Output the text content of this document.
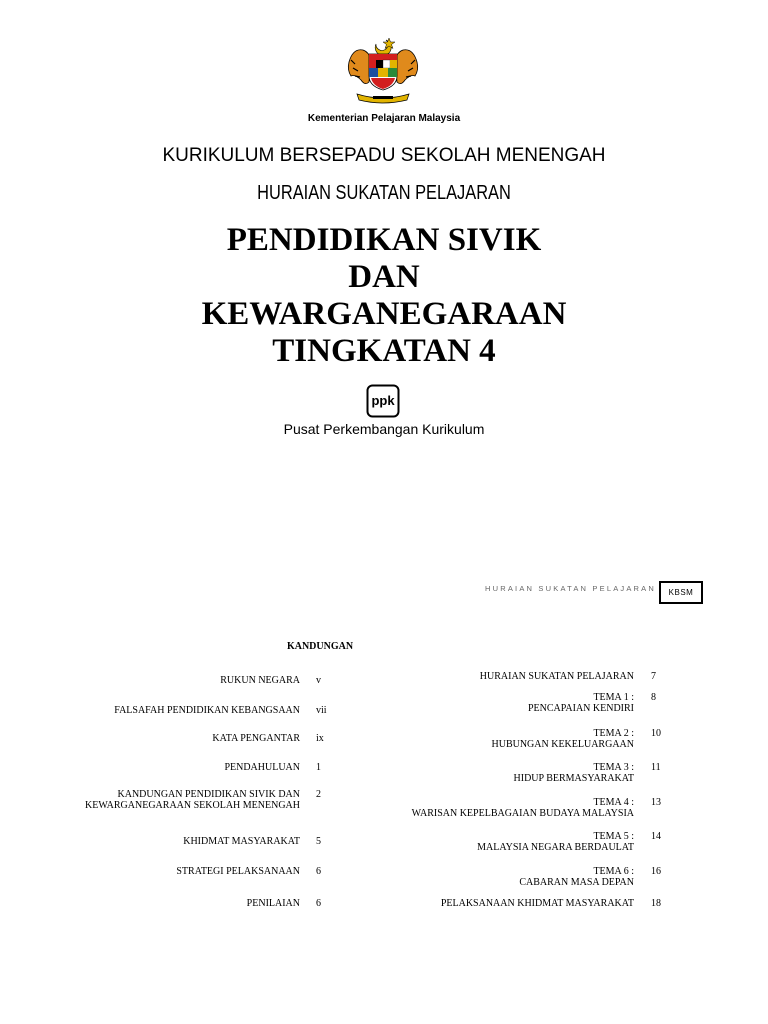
Kementerian Pelajaran Malaysia
KURIKULUM BERSEPADU SEKOLAH MENENGAH
HURAIAN SUKATAN PELAJARAN
PENDIDIKAN SIVIK
DAN
KEWARGANEGARAAN
TINGKATAN 4
ppk
Pusat Perkembangan Kurikulum
HURAIAN SUKATAN PELAJARAN	KBSM
KANDUNGAN
RUKUN NEGARA v
FALSAFAH PENDIDIKAN KEBANGSAAN vii
KATA PENGANTAR ix
PENDAHULUAN 1
KANDUNGAN PENDIDIKAN SIVIK DAN
KEWARGANEGARAAN SEKOLAH MENENGAH
2
KHIDMAT MASYARAKAT 5
STRATEGI PELAKSANAAN 6
PENILAIAN 6
HURAIAN SUKATAN PELAJARAN 7
TEMA 1 :
PENCAPAIAN KENDIRI
8
TEMA 2 :
HUBUNGAN KEKELUARGAAN
10
TEMA 3 :
HIDUP BERMASYARAKAT
11
TEMA 4 :
WARISAN KEPELBAGAIAN BUDAYA MALAYSIA
13
TEMA 5 :
MALAYSIA NEGARA BERDAULAT
14
TEMA 6 :
CABARAN MASA DEPAN
16
PELAKSANAAN KHIDMAT MASYARAKAT 18
